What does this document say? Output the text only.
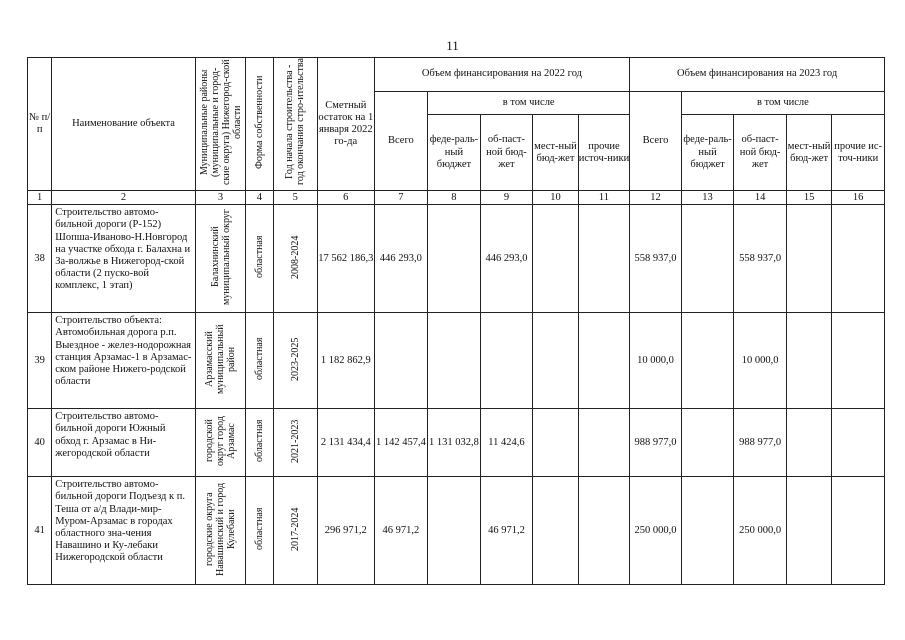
11
№ п/п	Наименование объекта	Муниципальные районы (муниципальные и город-ские округа) Нижегород-ской области	Форма собственности	Год начала строительства - год окончания стро-ительства	Сметный остаток на 1 января 2022 го-да	Объем финансирования на 2022 год					Объем финансирования на 2023 год				
						Всего	в том числе				Всего	в том числе			
							феде-раль-ный бюджет	об-паст-ной бюд-жет	мест-ный бюд-жет	прочие источ-ники		феде-раль-ный бюджет	об-паст-ной бюд-жет	мест-ный бюд-жет	прочие ис-точ-ники
1	2	3	4	5	6	7	8	9	10	11	12	13	14	15	16
38	Строительство автомо-бильной дороги (Р-152) Шопша-Иваново-Н.Новгород на участке обхода г. Балахна и За-волжье в Нижегород-ской области (2 пуско-вой комплекс, 1 этап)	Балахнинский муниципальный округ	областная	2008-2024	17 562 186,3	446 293,0		446 293,0			558 937,0		558 937,0		
39	Строительство объекта: Автомобильная дорога р.п. Выездное - желез-нодорожная станция Арзамас-1 в Арзамас-ском районе Нижего-родской области	Арзамасский муниципальный район	областная	2023-2025	1 182 862,9						10 000,0		10 000,0		
40	Строительство автомо-бильной дороги Южный обход г. Арзамас в Ни-жегородской области	городской округ город Арзамас	областная	2021-2023	2 131 434,4	1 142 457,4	1 131 032,8	11 424,6			988 977,0		988 977,0		
41	Строительство автомо-бильной дороги Подъезд к п. Теша от а/д Влади-мир-Муром-Арзамас в городах областного зна-чения Навашино и Ку-лебаки Нижегородской области	городские округа Навашинский и город Кулебаки	областная	2017-2024	296 971,2	46 971,2		46 971,2			250 000,0		250 000,0		
